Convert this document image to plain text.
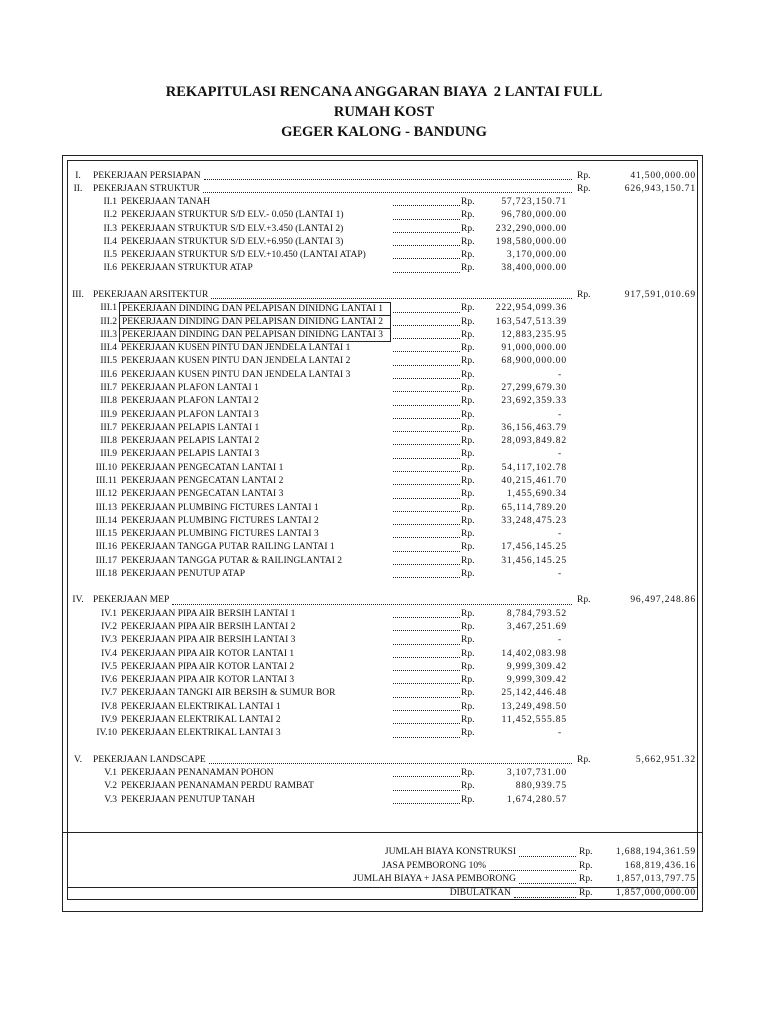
REKAPITULASI RENCANA ANGGARAN BIAYA  2 LANTAI FULL
RUMAH KOST
GEGER KALONG - BANDUNG
I.	PEKERJAAN PERSIAPAN	Rp.	41,500,000.00
II.	PEKERJAAN STRUKTUR	Rp.	626,943,150.71
II.1 PEKERJAAN TANAH	Rp.	57,723,150.71
II.2 PEKERJAAN STRUKTUR S/D ELV.- 0.050 (LANTAI 1)	Rp.	96,780,000.00
II.3 PEKERJAAN STRUKTUR S/D ELV.+3.450 (LANTAI 2)	Rp. 232,290,000.00
II.4 PEKERJAAN STRUKTUR S/D ELV.+6.950 (LANTAI 3)	Rp. 198,580,000.00
II.5 PEKERJAAN STRUKTUR S/D ELV.+10.450 (LANTAI ATAP)	Rp.	3,170,000.00
II.6 PEKERJAAN STRUKTUR ATAP	Rp.	38,400,000.00
III. PEKERJAAN ARSITEKTUR	Rp.	917,591,010.69
III.1 PEKERJAAN DINDING DAN PELAPISAN DINIDNG LANTAI 1	Rp. 222,954,099.36
III.2 PEKERJAAN DINDING DAN PELAPISAN DINIDNG LANTAI 2	Rp. 163,547,513.39
III.3 PEKERJAAN DINDING DAN PELAPISAN DINIDNG LANTAI 3	Rp.	12,883,235.95
III.4 PEKERJAAN KUSEN PINTU DAN JENDELA LANTAI 1	Rp.	91,000,000.00
III.5 PEKERJAAN KUSEN PINTU DAN JENDELA LANTAI 2	Rp.	68,900,000.00
III.6 PEKERJAAN KUSEN PINTU DAN JENDELA LANTAI 3	Rp.	-
III.7 PEKERJAAN PLAFON LANTAI 1	Rp.	27,299,679.30
III.8 PEKERJAAN PLAFON LANTAI 2	Rp.	23,692,359.33
III.9 PEKERJAAN PLAFON LANTAI 3	Rp.	-
III.7 PEKERJAAN PELAPIS LANTAI 1	Rp.	36,156,463.79
III.8 PEKERJAAN PELAPIS LANTAI 2	Rp.	28,093,849.82
III.9 PEKERJAAN PELAPIS LANTAI 3	Rp.	-
III.10 PEKERJAAN PENGECATAN LANTAI 1	Rp.	54,117,102.78
III.11 PEKERJAAN PENGECATAN LANTAI 2	Rp.	40,215,461.70
III.12 PEKERJAAN PENGECATAN LANTAI 3	Rp.	1,455,690.34
III.13 PEKERJAAN PLUMBING FICTURES LANTAI 1	Rp.	65,114,789.20
III.14 PEKERJAAN PLUMBING FICTURES LANTAI 2	Rp.	33,248,475.23
III.15 PEKERJAAN PLUMBING FICTURES LANTAI 3	Rp.	-
III.16 PEKERJAAN TANGGA PUTAR RAILING LANTAI 1	Rp.	17,456,145.25
III.17 PEKERJAAN TANGGA PUTAR & RAILINGLANTAI 2	Rp.	31,456,145.25
III.18 PEKERJAAN PENUTUP ATAP	Rp.	-
IV. PEKERJAAN MEP	Rp.	96,497,248.86
IV.1 PEKERJAAN PIPA AIR BERSIH LANTAI 1	Rp.	8,784,793.52
IV.2 PEKERJAAN PIPA AIR BERSIH LANTAI 2	Rp.	3,467,251.69
IV.3 PEKERJAAN PIPA AIR BERSIH LANTAI 3	Rp.	-
IV.4 PEKERJAAN PIPA AIR KOTOR LANTAI 1	Rp.	14,402,083.98
IV.5 PEKERJAAN PIPA AIR KOTOR LANTAI 2	Rp.	9,999,309.42
IV.6 PEKERJAAN PIPA AIR KOTOR LANTAI 3	Rp.	9,999,309.42
IV.7 PEKERJAAN TANGKI AIR BERSIH & SUMUR BOR	Rp.	25,142,446.48
IV.8 PEKERJAAN ELEKTRIKAL LANTAI 1	Rp.	13,249,498.50
IV.9 PEKERJAAN ELEKTRIKAL LANTAI 2	Rp.	11,452,555.85
IV.10 PEKERJAAN ELEKTRIKAL LANTAI 3	Rp.	-
V.	PEKERJAAN LANDSCAPE	Rp.	5,662,951.32
V.1 PEKERJAAN PENANAMAN POHON	Rp.	3,107,731.00
V.2 PEKERJAAN PENANAMAN PERDU RAMBAT	Rp.	880,939.75
V.3 PEKERJAAN PENUTUP TANAH	Rp.	1,674,280.57
JUMLAH BIAYA KONSTRUKSI	Rp. 1,688,194,361.59
JASA PEMBORONG 10%	Rp.	168,819,436.16
JUMLAH BIAYA + JASA PEMBORONG	Rp. 1,857,013,797.75
DIBULATKAN	Rp. 1,857,000,000.00
